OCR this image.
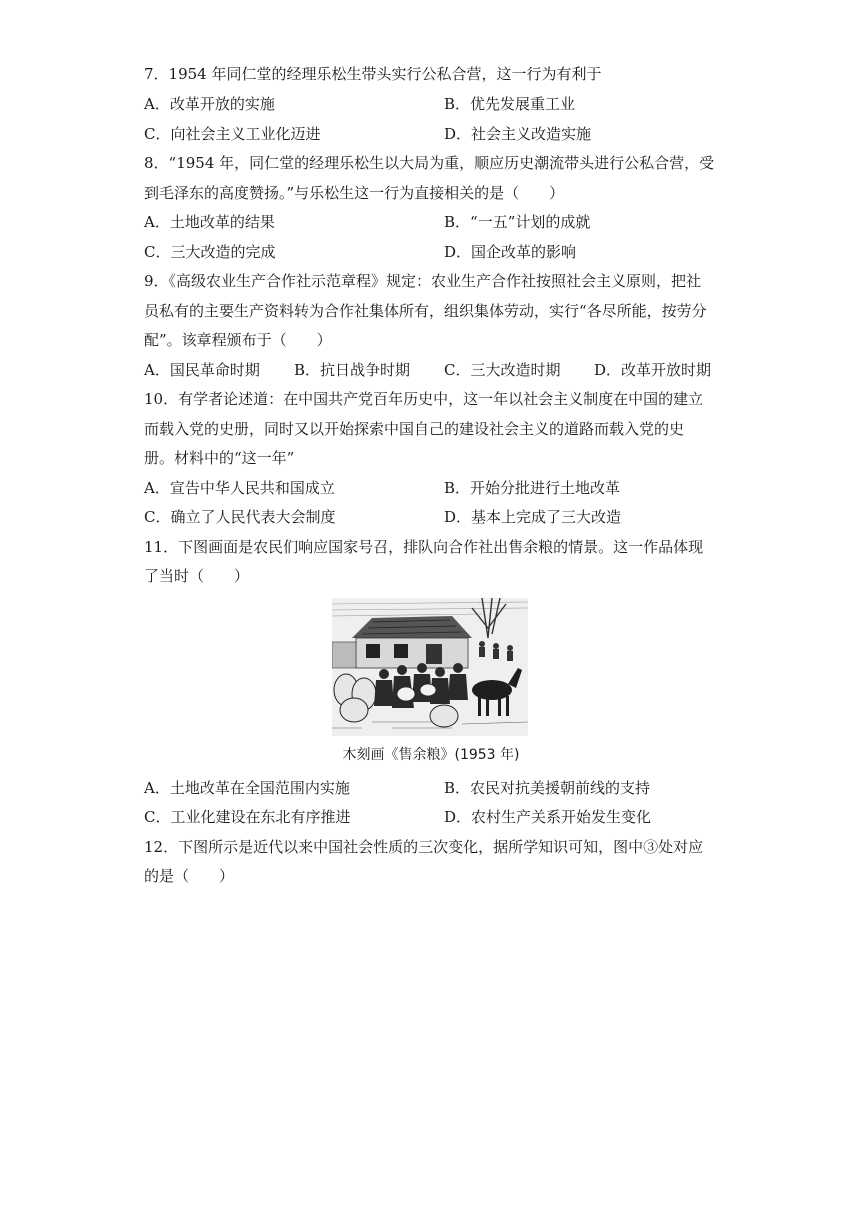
7．1954 年同仁堂的经理乐松生带头实行公私合营，这一行为有利于
A．改革开放的实施	B．优先发展重工业
C．向社会主义工业化迈进	D．社会主义改造实施
8．“1954 年，同仁堂的经理乐松生以大局为重，顺应历史潮流带头进行公私合营，受
到毛泽东的高度赞扬。”与乐松生这一行为直接相关的是（　　）
A．土地改革的结果	B．“一五”计划的成就
C．三大改造的完成	D．国企改革的影响
9．《高级农业生产合作社示范章程》规定：农业生产合作社按照社会主义原则，把社
员私有的主要生产资料转为合作社集体所有，组织集体劳动，实行“各尽所能，按劳分
配”。该章程颁布于（　　）
A．国民革命时期 B．抗日战争时期 C．三大改造时期 D．改革开放时期
10．有学者论述道：在中国共产党百年历史中，这一年以社会主义制度在中国的建立
而载入党的史册，同时又以开始探索中国自己的建设社会主义的道路而载入党的史
册。材料中的“这一年”
A．宣告中华人民共和国成立	B．开始分批进行土地改革
C．确立了人民代表大会制度	D．基本上完成了三大改造
11．下图画面是农民们响应国家号召，排队向合作社出售余粮的情景。这一作品体现
了当时（　　）
木刻画《售余粮》(1953 年)
A．土地改革在全国范围内实施	B．农民对抗美援朝前线的支持
C．工业化建设在东北有序推进	D．农村生产关系开始发生变化
12．下图所示是近代以来中国社会性质的三次变化，据所学知识可知，图中③处对应
的是（　　）
